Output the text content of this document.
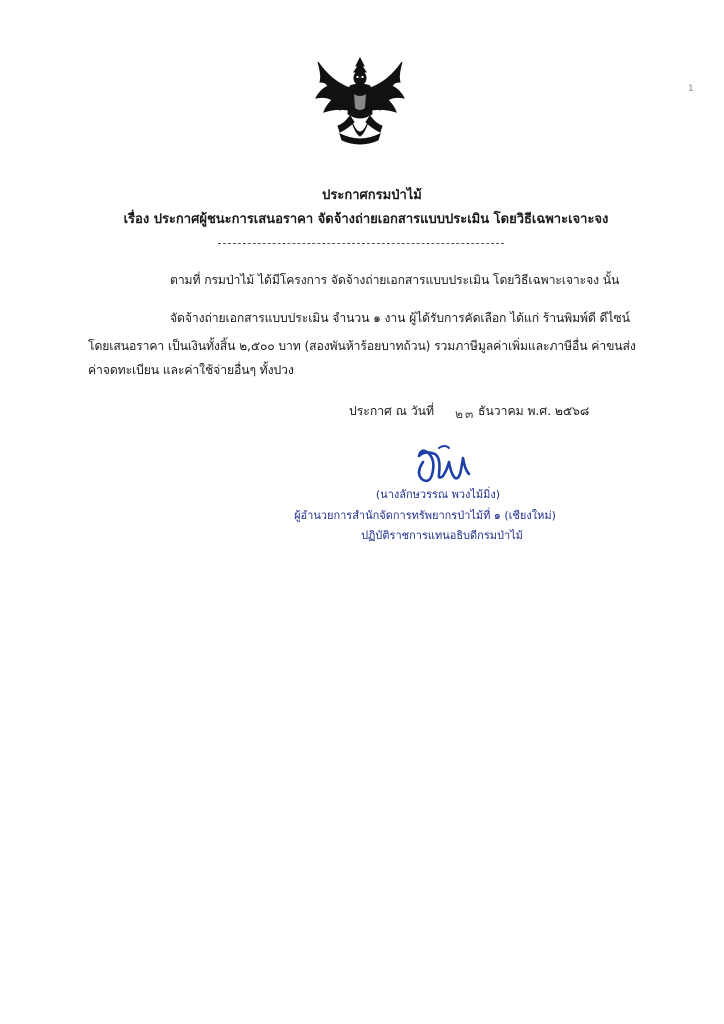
1
ประกาศกรมป่าไม้
เรื่อง ประกาศผู้ชนะการเสนอราคา จัดจ้างถ่ายเอกสารแบบประเมิน โดยวิธีเฉพาะเจาะจง
ตามที่ กรมป่าไม้ ได้มีโครงการ จัดจ้างถ่ายเอกสารแบบประเมิน โดยวิธีเฉพาะเจาะจง นั้น
จัดจ้างถ่ายเอกสารแบบประเมิน จำนวน ๑ งาน ผู้ได้รับการคัดเลือก ได้แก่ ร้านพิมพ์ดี ดีไซน์
โดยเสนอราคา เป็นเงินทั้งสิ้น ๒,๕๐๐ บาท (สองพันห้าร้อยบาทถ้วน) รวมภาษีมูลค่าเพิ่มและภาษีอื่น ค่าขนส่ง
ค่าจดทะเบียน และค่าใช้จ่ายอื่นๆ ทั้งปวง
ประกาศ ณ วันที่ ๒๓ ธันวาคม พ.ศ. ๒๕๖๘
(นางลักษวรรณ พวงไม้มิ่ง)
ผู้อำนวยการสำนักจัดการทรัพยากรป่าไม้ที่ ๑ (เชียงใหม่)
ปฏิบัติราชการแทนอธิบดีกรมป่าไม้
